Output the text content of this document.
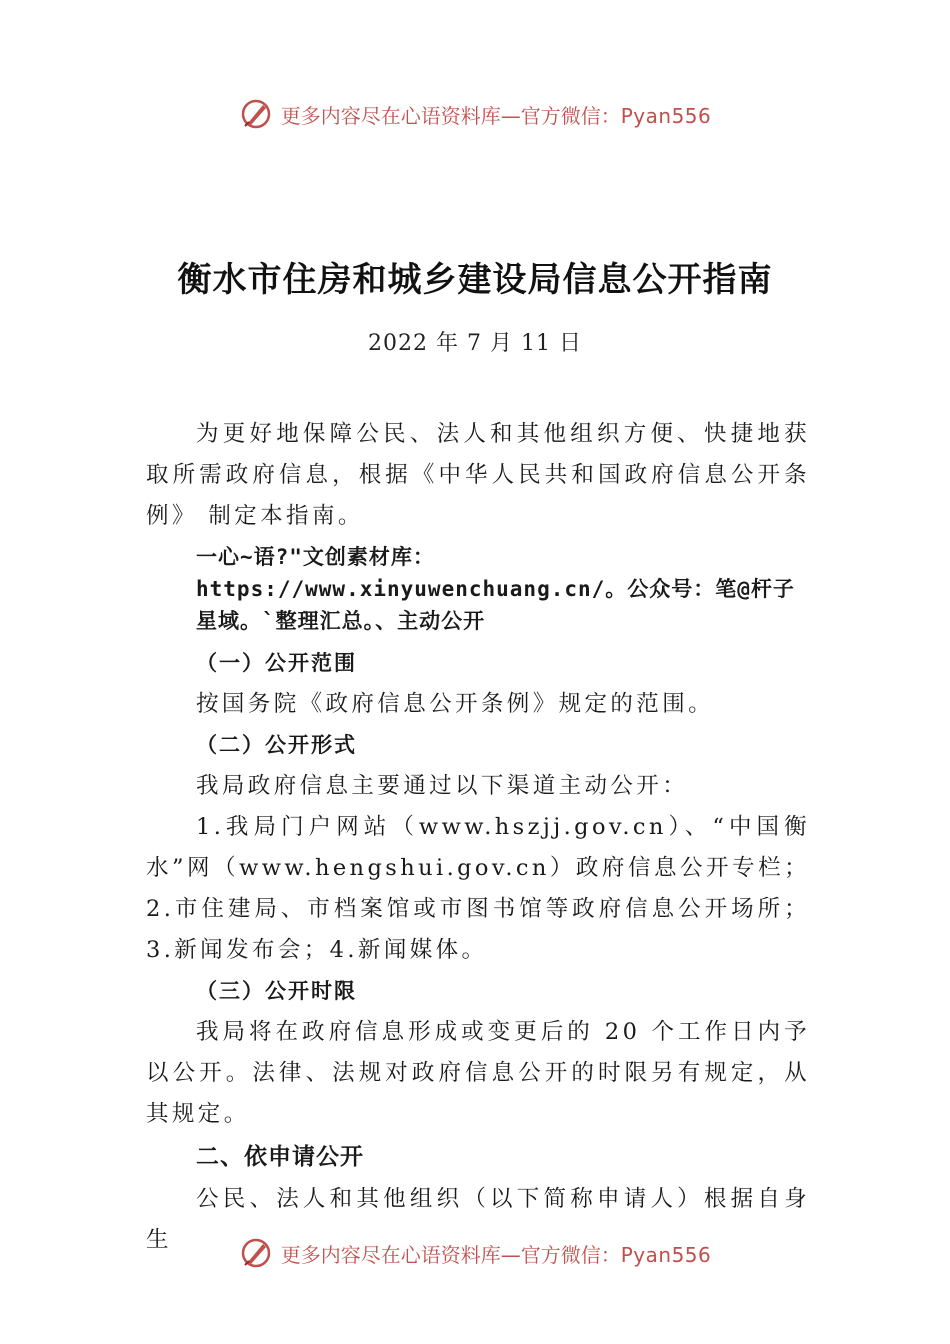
更多内容尽在心语资料库—官方微信：Pyan556
衡水市住房和城乡建设局信息公开指南
2022 年 7 月 11 日

为更好地保障公民、法人和其他组织方便、快捷地获取所需政府信息，根据《中华人民共和国政府信息公开条例》 制定本指南。

一心~语?"文创素材库：https://www.xinyuwenchuang.cn/。公众号：笔@杆子星域。`整理汇总。、主动公开

（一）公开范围

按国务院《政府信息公开条例》规定的范围。

（二）公开形式

我局政府信息主要通过以下渠道主动公开：

1.我局门户网站（www.hszjj.gov.cn）、“中国衡水”网（www.hengshui.gov.cn）政府信息公开专栏；2.市住建局、市档案馆或市图书馆等政府信息公开场所；3.新闻发布会；4.新闻媒体。

（三）公开时限

我局将在政府信息形成或变更后的 20 个工作日内予以公开。法律、法规对政府信息公开的时限另有规定，从其规定。

二、依申请公开

公民、法人和其他组织（以下简称申请人）根据自身生

更多内容尽在心语资料库—官方微信：Pyan556
